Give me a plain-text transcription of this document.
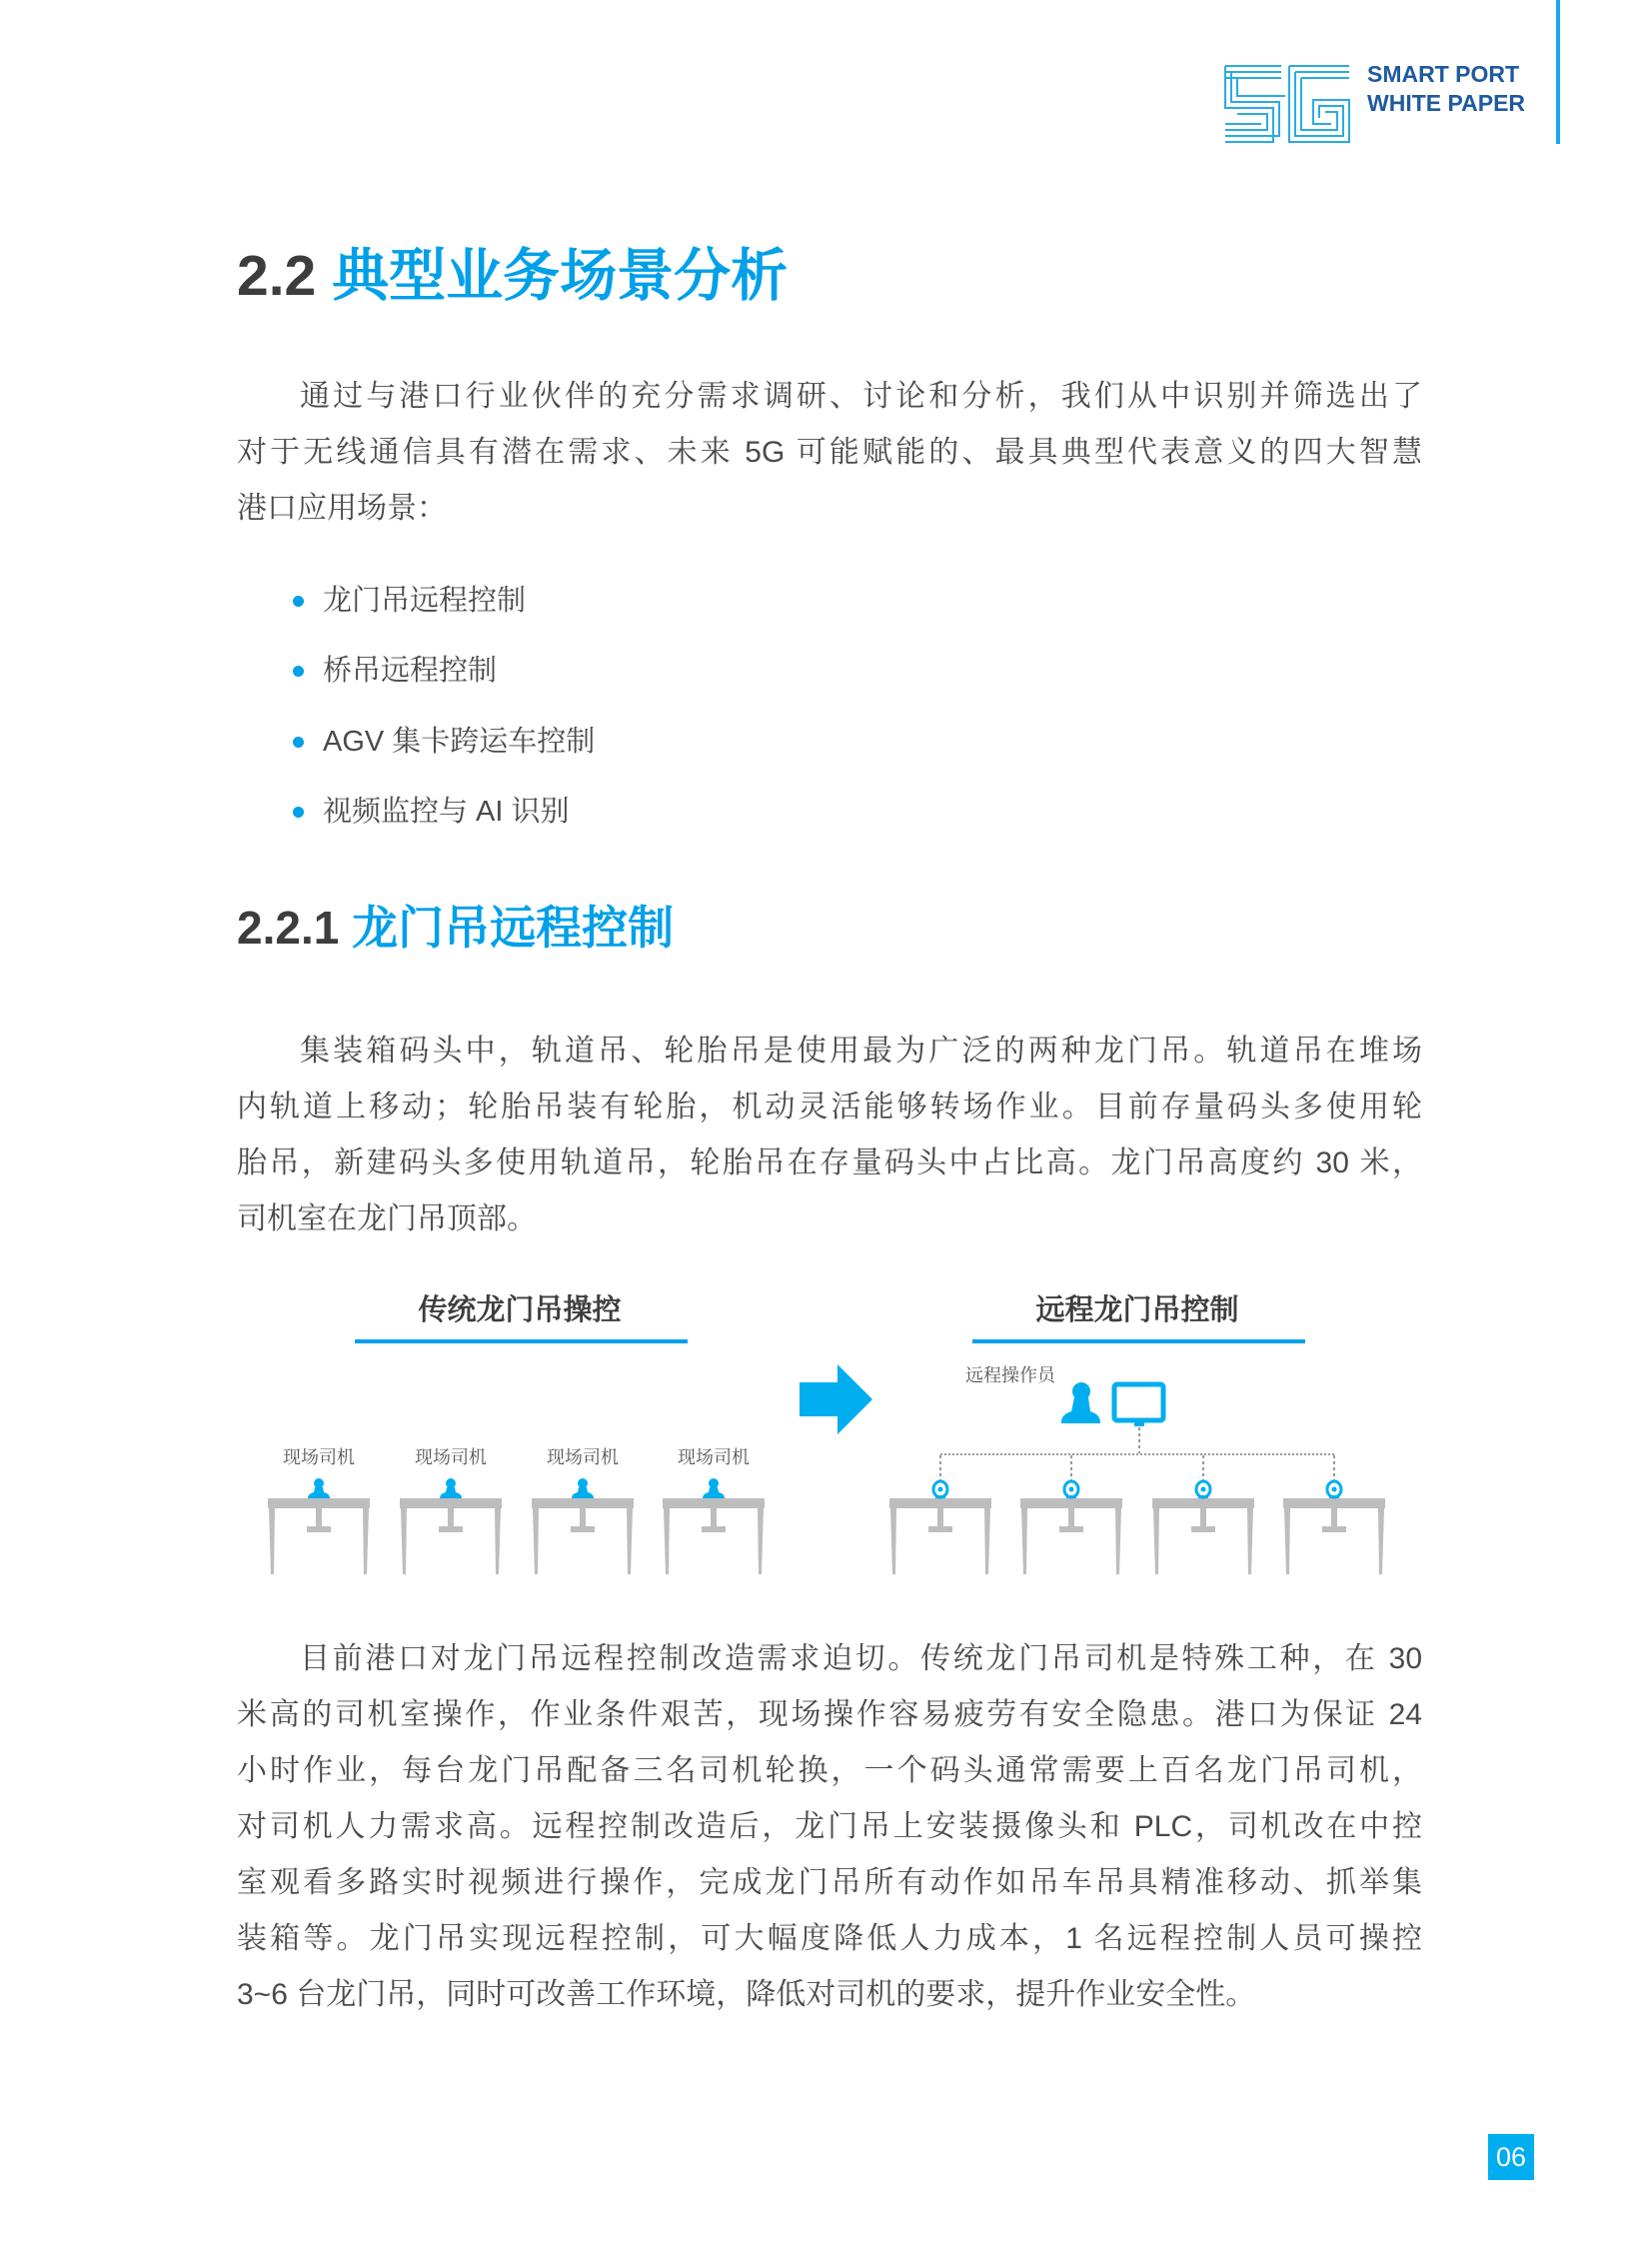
SMART PORT
WHITE PAPER
2.2 典型业务场景分析
通过与港口行业伙伴的充分需求调研、讨论和分析，我们从中识别并筛选出了
对于无线通信具有潜在需求、未来 5G 可能赋能的、最具典型代表意义的四大智慧
港口应用场景：
龙门吊远程控制
桥吊远程控制
AGV 集卡跨运车控制
视频监控与 AI 识别
2.2.1 龙门吊远程控制
集装箱码头中，轨道吊、轮胎吊是使用最为广泛的两种龙门吊。轨道吊在堆场
内轨道上移动；轮胎吊装有轮胎，机动灵活能够转场作业。目前存量码头多使用轮
胎吊，新建码头多使用轨道吊，轮胎吊在存量码头中占比高。龙门吊高度约 30 米，
司机室在龙门吊顶部。
传统龙门吊操控	远程龙门吊控制
远程操作员
现场司机	现场司机	现场司机	现场司机
目前港口对龙门吊远程控制改造需求迫切。传统龙门吊司机是特殊工种，在 30
米高的司机室操作，作业条件艰苦，现场操作容易疲劳有安全隐患。港口为保证 24
小时作业，每台龙门吊配备三名司机轮换，一个码头通常需要上百名龙门吊司机，
对司机人力需求高。远程控制改造后，龙门吊上安装摄像头和 PLC，司机改在中控
室观看多路实时视频进行操作，完成龙门吊所有动作如吊车吊具精准移动、抓举集
装箱等。龙门吊实现远程控制，可大幅度降低人力成本，1 名远程控制人员可操控
3~6 台龙门吊，同时可改善工作环境，降低对司机的要求，提升作业安全性。
06
